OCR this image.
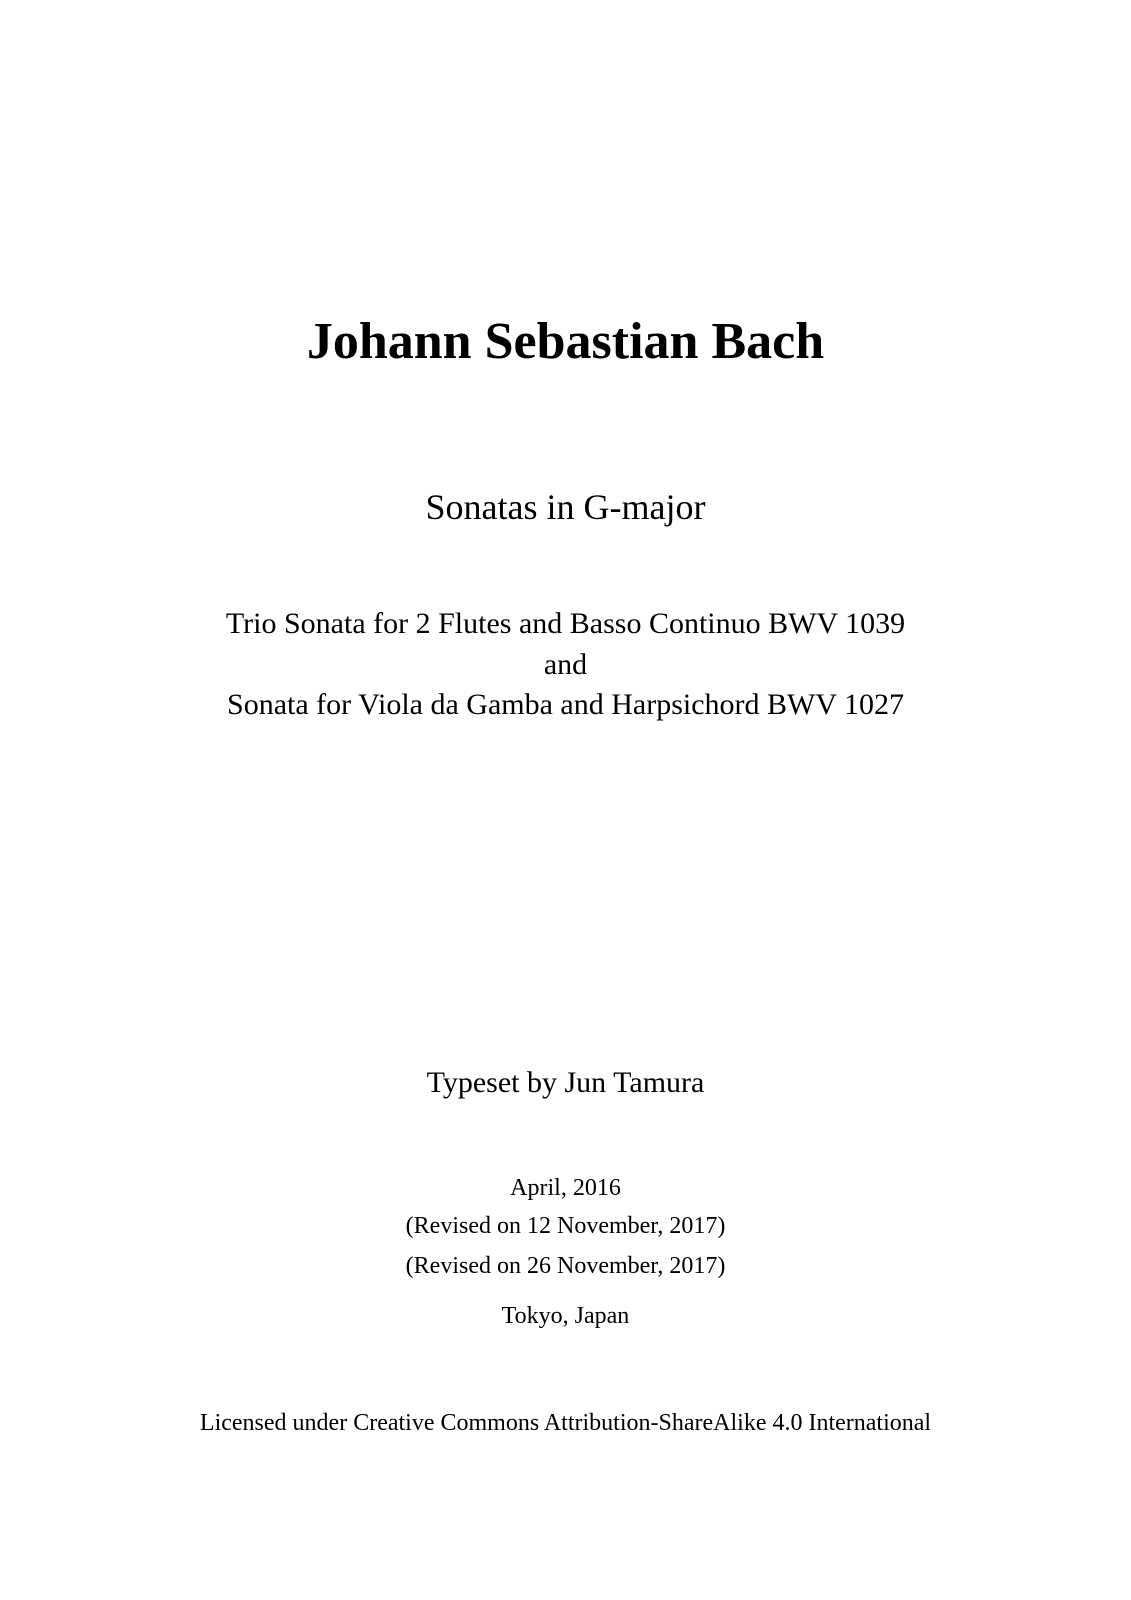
Johann Sebastian Bach
Sonatas in G-major
Trio Sonata for 2 Flutes and Basso Continuo BWV 1039
and
Sonata for Viola da Gamba and Harpsichord BWV 1027
Typeset by Jun Tamura
April, 2016
(Revised on 12 November, 2017)
(Revised on 26 November, 2017)
Tokyo, Japan
Licensed under Creative Commons Attribution-ShareAlike 4.0 International
